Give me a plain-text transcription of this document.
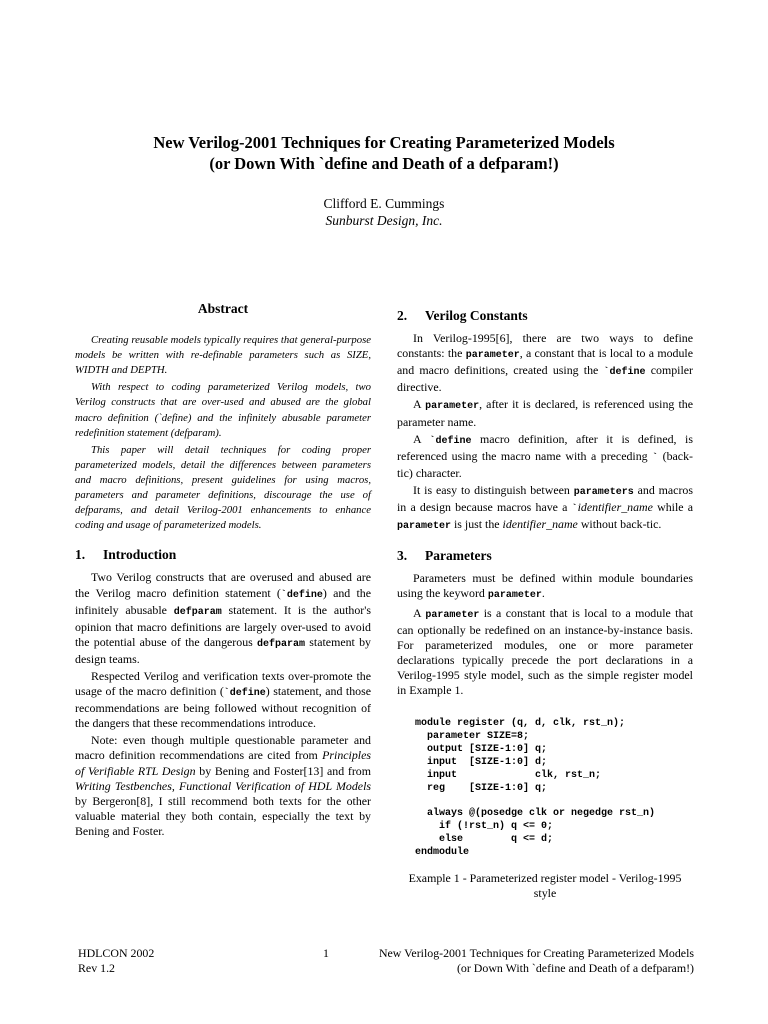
New Verilog-2001 Techniques for Creating Parameterized Models
(or Down With `define and Death of a defparam!)
Clifford E. Cummings
Sunburst Design, Inc.
Abstract

Creating reusable models typically requires that general-purpose models be written with re-definable parameters such as SIZE, WIDTH and DEPTH.

With respect to coding parameterized Verilog models, two Verilog constructs that are over-used and abused are the global macro definition (`define) and the infinitely abusable parameter redefinition statement (defparam).

This paper will detail techniques for coding proper parameterized models, detail the differences between parameters and macro definitions, present guidelines for using macros, parameters and parameter definitions, discourage the use of defparams, and detail Verilog-2001 enhancements to enhance coding and usage of parameterized models.

1. Introduction

Two Verilog constructs that are overused and abused are the Verilog macro definition statement (`define) and the infinitely abusable defparam statement. It is the author's opinion that macro definitions are largely over-used to avoid the potential abuse of the dangerous defparam statement by design teams.

Respected Verilog and verification texts over-promote the usage of the macro definition (`define) statement, and those recommendations are being followed without recognition of the dangers that these recommendations introduce.

Note: even though multiple questionable parameter and macro definition recommendations are cited from Principles of Verifiable RTL Design by Bening and Foster[13] and from Writing Testbenches, Functional Verification of HDL Models by Bergeron[8], I still recommend both texts for the other valuable material they both contain, especially the text by Bening and Foster.

2. Verilog Constants

In Verilog-1995[6], there are two ways to define constants: the parameter, a constant that is local to a module and macro definitions, created using the `define compiler directive.

A parameter, after it is declared, is referenced using the parameter name.

A `define macro definition, after it is defined, is referenced using the macro name with a preceding ` (back-tic) character.

It is easy to distinguish between parameters and macros in a design because macros have a `identifier_name while a parameter is just the identifier_name without back-tic.

3. Parameters

Parameters must be defined within module boundaries using the keyword parameter.

A parameter is a constant that is local to a module that can optionally be redefined on an instance-by-instance basis. For parameterized modules, one or more parameter declarations typically precede the port declarations in a Verilog-1995 style model, such as the simple register model in Example 1.

module register (q, d, clk, rst_n);
parameter SIZE=8;
output [SIZE-1:0] q;
input  [SIZE-1:0] d;
input             clk, rst_n;
reg    [SIZE-1:0] q;
always @(posedge clk or negedge rst_n)
if (!rst_n) q <= 0;
else        q <= d;
endmodule
Example 1 - Parameterized register model - Verilog-1995 style
HDLCON 2002
Rev 1.2
1	New Verilog-2001 Techniques for Creating Parameterized Models
(or Down With `define and Death of a defparam!)
